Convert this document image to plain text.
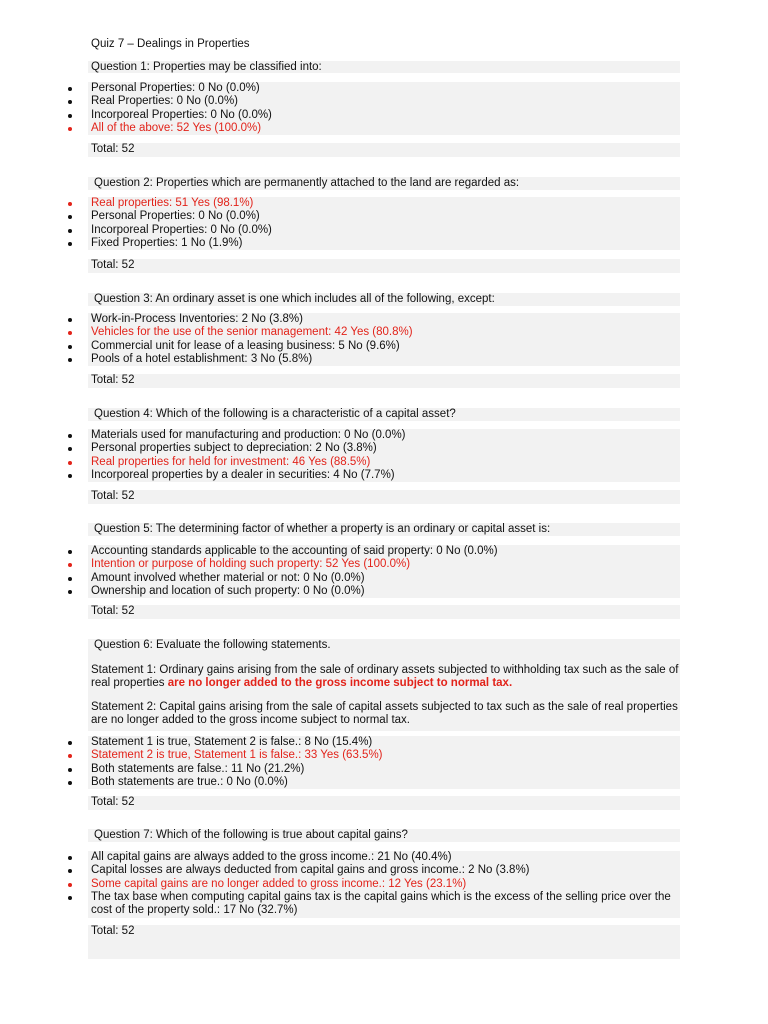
Quiz 7 – Dealings in Properties
Question 1: Properties may be classified into:
Personal Properties: 0 No (0.0%)
Real Properties: 0 No (0.0%)
Incorporeal Properties: 0 No (0.0%)
All of the above: 52 Yes (100.0%)
Total: 52
Question 2: Properties which are permanently attached to the land are regarded as:
Real properties: 51 Yes (98.1%)
Personal Properties: 0 No (0.0%)
Incorporeal Properties: 0 No (0.0%)
Fixed Properties: 1 No (1.9%)
Total: 52
Question 3: An ordinary asset is one which includes all of the following, except:
Work-in-Process Inventories: 2 No (3.8%)
Vehicles for the use of the senior management: 42 Yes (80.8%)
Commercial unit for lease of a leasing business: 5 No (9.6%)
Pools of a hotel establishment: 3 No (5.8%)
Total: 52
Question 4: Which of the following is a characteristic of a capital asset?
Materials used for manufacturing and production: 0 No (0.0%)
Personal properties subject to depreciation: 2 No (3.8%)
Real properties for held for investment: 46 Yes (88.5%)
Incorporeal properties by a dealer in securities: 4 No (7.7%)
Total: 52
Question 5: The determining factor of whether a property is an ordinary or capital asset is:
Accounting standards applicable to the accounting of said property: 0 No (0.0%)
Intention or purpose of holding such property: 52 Yes (100.0%)
Amount involved whether material or not: 0 No (0.0%)
Ownership and location of such property: 0 No (0.0%)
Total: 52
Question 6: Evaluate the following statements.
Statement 1: Ordinary gains arising from the sale of ordinary assets subjected to withholding tax such as the sale of real properties are no longer added to the gross income subject to normal tax.
Statement 2: Capital gains arising from the sale of capital assets subjected to tax such as the sale of real properties are no longer added to the gross income subject to normal tax.
Statement 1 is true, Statement 2 is false.: 8 No (15.4%)
Statement 2 is true, Statement 1 is false.: 33 Yes (63.5%)
Both statements are false.: 11 No (21.2%)
Both statements are true.: 0 No (0.0%)
Total: 52
Question 7: Which of the following is true about capital gains?
All capital gains are always added to the gross income.: 21 No (40.4%)
Capital losses are always deducted from capital gains and gross income.: 2 No (3.8%)
Some capital gains are no longer added to gross income.: 12 Yes (23.1%)
The tax base when computing capital gains tax is the capital gains which is the excess of the selling price over the cost of the property sold.: 17 No (32.7%)
Total: 52
